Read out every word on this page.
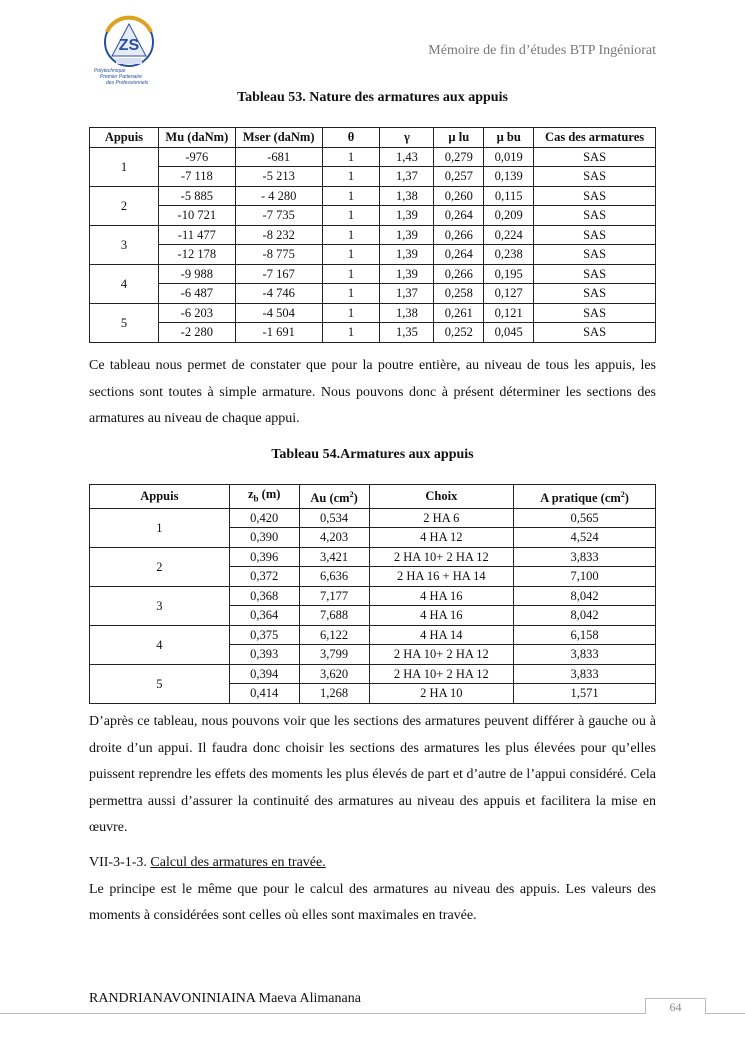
ZS
Polytechnique
Premier Partenaire
des Professionnels
Mémoire de fin d’études BTP Ingéniorat
Tableau 53. Nature des armatures aux appuis
Appuis	Mu (daNm)	Mser (daNm)	θ	γ	µ lu	µ bu	Cas des armatures
1	-976	-681	1	1,43	0,279	0,019	SAS
	-7 118	-5 213	1	1,37	0,257	0,139	SAS
2	-5 885	- 4 280	1	1,38	0,260	0,115	SAS
	-10 721	-7 735	1	1,39	0,264	0,209	SAS
3	-11 477	-8 232	1	1,39	0,266	0,224	SAS
	-12 178	-8 775	1	1,39	0,264	0,238	SAS
4	-9 988	-7 167	1	1,39	0,266	0,195	SAS
	-6 487	-4 746	1	1,37	0,258	0,127	SAS
5	-6 203	-4 504	1	1,38	0,261	0,121	SAS
	-2 280	-1 691	1	1,35	0,252	0,045	SAS
Ce tableau nous permet de constater que pour la poutre entière, au niveau de tous les appuis, les sections sont toutes à simple armature. Nous pouvons donc à présent déterminer les sections des armatures au niveau de chaque appui.
Tableau 54.Armatures aux appuis
Appuis	$z_b$ (m)	Au $(cm^2)$	Choix	A pratique $(cm^2)$
1	0,420	0,534	2 HA 6	0,565
	0,390	4,203	4 HA 12	4,524
2	0,396	3,421	2 HA 10+ 2 HA 12	3,833
	0,372	6,636	2 HA 16 + HA 14	7,100
3	0,368	7,177	4 HA 16	8,042
	0,364	7,688	4 HA 16	8,042
4	0,375	6,122	4 HA 14	6,158
	0,393	3,799	2 HA 10+ 2 HA 12	3,833
5	0,394	3,620	2 HA 10+ 2 HA 12	3,833
	0,414	1,268	2 HA 10	1,571
D’après ce tableau, nous pouvons voir que les sections des armatures peuvent différer à gauche ou à droite d’un appui. Il faudra donc choisir les sections des armatures les plus élevées pour qu’elles puissent reprendre les effets des moments les plus élevés de part et d’autre de l’appui considéré. Cela permettra aussi d’assurer la continuité des armatures au niveau des appuis et facilitera la mise en œuvre.
VII-3-1-3. Calcul des armatures en travée.
Le principe est le même que pour le calcul des armatures au niveau des appuis. Les valeurs des moments à considérées sont celles où elles sont maximales en travée.
RANDRIANAVONINIAINA Maeva Alimanana
64
